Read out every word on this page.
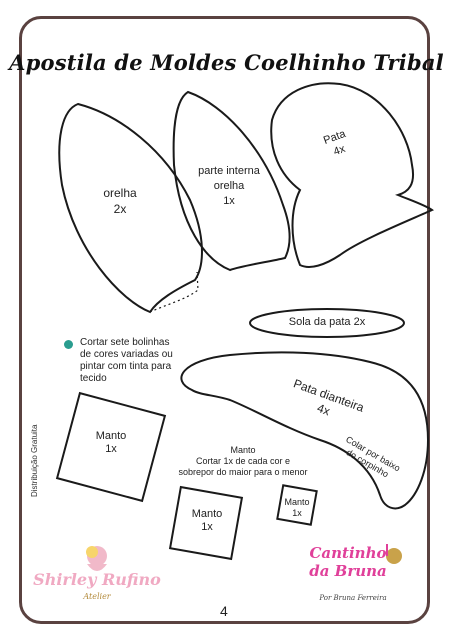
Apostila de Moldes Coelhinho Tribal
orelha
2x
parte interna
orelha
1x
Pata
4x
Sola da pata 2x
Pata dianteira
4x
Colar por baixo
do corpinho
Manto
1x
Manto
1x
Manto
1x
Manto
Cortar 1x de cada cor e
sobrepor do maior para o menor
Cortar sete bolinhas
de cores variadas ou
pintar com tinta para tecido
Distribuição Gratuita
Shirley Rufino
Atelier
Cantinho da Bruna
Por Bruna Ferreira
4
